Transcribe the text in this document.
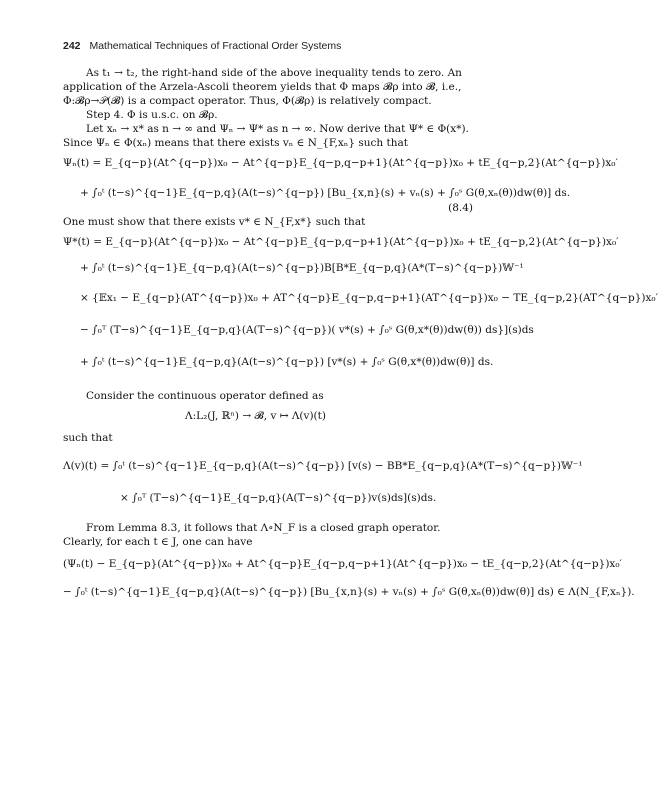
242 Mathematical Techniques of Fractional Order Systems
As t₁ → t₂, the right-hand side of the above inequality tends to zero. An
application of the Arzela-Ascoli theorem yields that Φ maps 𝓑ρ into 𝓑, i.e.,
Φ:𝓑ρ→𝒫(𝓑) is a compact operator. Thus, Φ(𝓑ρ) is relatively compact.
Step 4. Φ is u.s.c. on 𝓑ρ.
Let xₙ → x* as n → ∞ and Ψₙ → Ψ* as n → ∞. Now derive that Ψ* ∈ Φ(x*).
Since Ψₙ ∈ Φ(xₙ) means that there exists vₙ ∈ N_{F,xₙ} such that
Ψₙ(t) = E_{q−p}(At^{q−p})x₀ − At^{q−p}E_{q−p,q−p+1}(At^{q−p})x₀ + tE_{q−p,2}(At^{q−p})x₀′
+ ∫₀ᵗ (t−s)^{q−1}E_{q−p,q}(A(t−s)^{q−p}) [Bu_{x,n}(s) + vₙ(s) + ∫₀ˢ G(θ,xₙ(θ))dw(θ)] ds.
One must show that there exists v* ∈ N_{F,x*} such that
Ψ*(t) = E_{q−p}(At^{q−p})x₀ − At^{q−p}E_{q−p,q−p+1}(At^{q−p})x₀ + tE_{q−p,2}(At^{q−p})x₀′
+ ∫₀ᵗ (t−s)^{q−1}E_{q−p,q}(A(t−s)^{q−p})B[B*E_{q−p,q}(A*(T−s)^{q−p})𝕎⁻¹
× {𝔼x₁ − E_{q−p}(AT^{q−p})x₀ + AT^{q−p}E_{q−p,q−p+1}(AT^{q−p})x₀ − TE_{q−p,2}(AT^{q−p})x₀′
− ∫₀ᵀ (T−s)^{q−1}E_{q−p,q}(A(T−s)^{q−p})( v*(s) + ∫₀ˢ G(θ,x*(θ))dw(θ)) ds}](s)ds
+ ∫₀ᵗ (t−s)^{q−1}E_{q−p,q}(A(t−s)^{q−p}) [v*(s) + ∫₀ˢ G(θ,x*(θ))dw(θ)] ds.
Consider the continuous operator defined as
Λ:L₂(J, ℝⁿ) → 𝓑, v ↦ Λ(v)(t)
such that
Λ(v)(t) = ∫₀ᵗ (t−s)^{q−1}E_{q−p,q}(A(t−s)^{q−p}) [v(s) − BB*E_{q−p,q}(A*(T−s)^{q−p})𝕎⁻¹
× ∫₀ᵀ (T−s)^{q−1}E_{q−p,q}(A(T−s)^{q−p})v(s)ds](s)ds.
From Lemma 8.3, it follows that Λ∘N_F is a closed graph operator.
Clearly, for each t ∈ J, one can have
(Ψₙ(t) − E_{q−p}(At^{q−p})x₀ + At^{q−p}E_{q−p,q−p+1}(At^{q−p})x₀ − tE_{q−p,2}(At^{q−p})x₀′
− ∫₀ᵗ (t−s)^{q−1}E_{q−p,q}(A(t−s)^{q−p}) [Bu_{x,n}(s) + vₙ(s) + ∫₀ˢ G(θ,xₙ(θ))dw(θ)] ds) ∈ Λ(N_{F,xₙ}).
(8.4)
